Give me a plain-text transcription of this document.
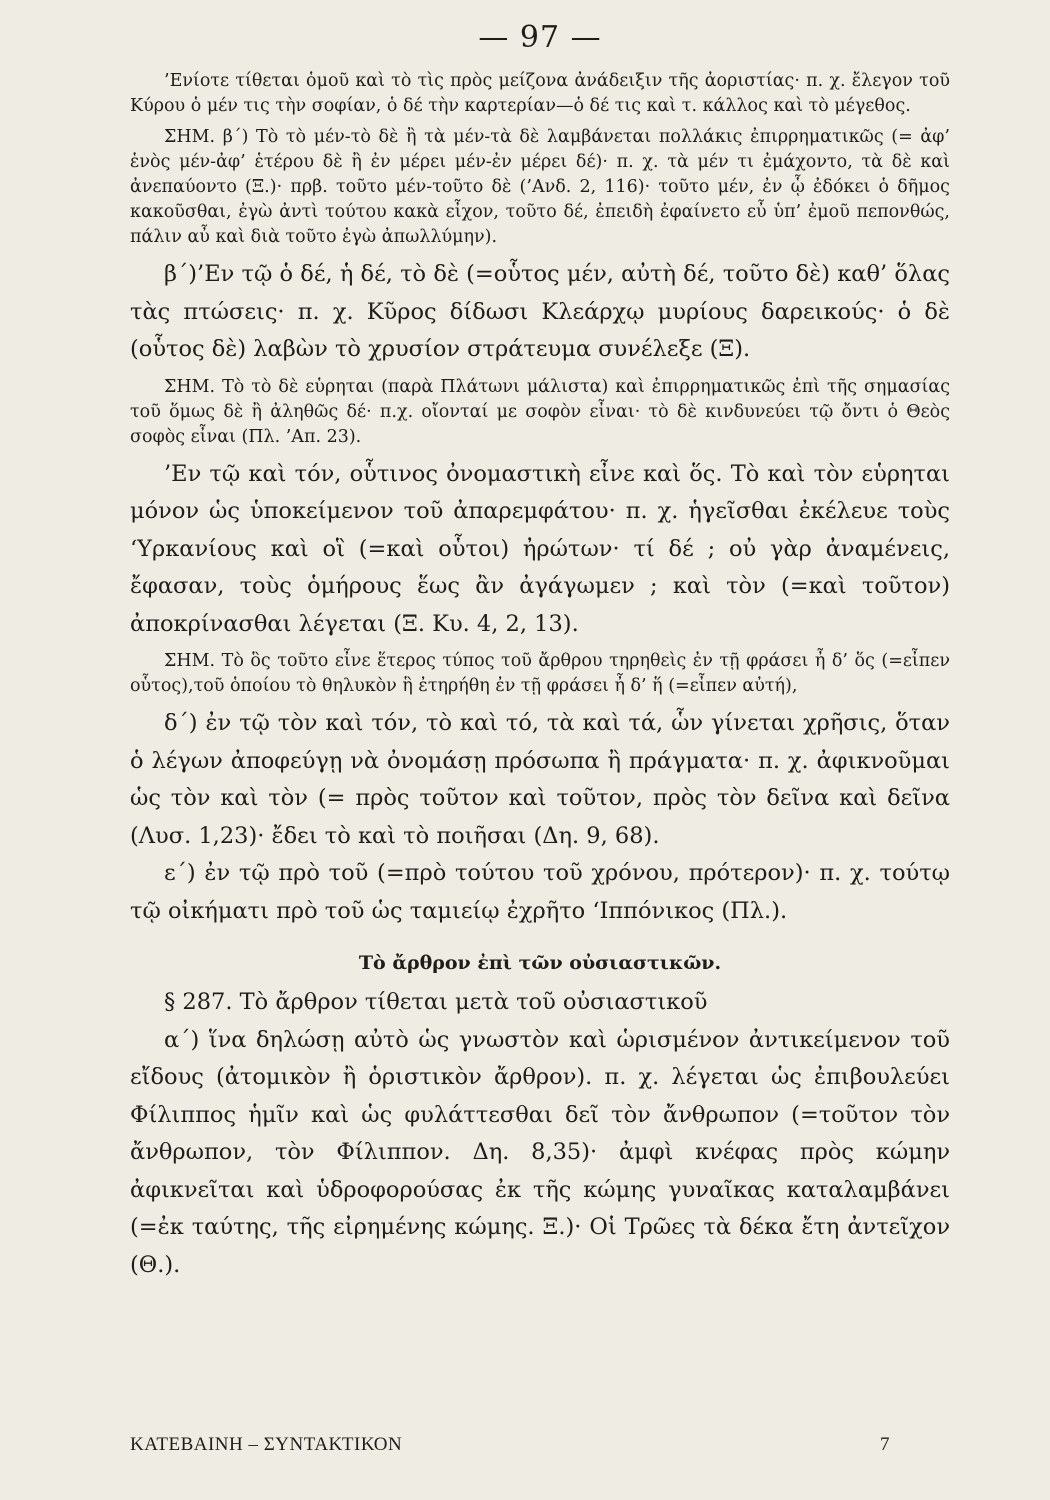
— 97 —

’Ενίοτε τίθεται ὁμοῦ καὶ τὸ τὶς πρὸς μείζονα ἀνάδειξιν τῆς ἀοριστίας· π. χ. ἔλεγον τοῦ Κύρου ὁ μέν τις τὴν σοφίαν, ὁ δέ τὴν καρτερίαν—ὁ δέ τις καὶ τ. κάλλος καὶ τὸ μέγεθος.

ΣΗΜ. β΄) Τὸ τὸ μέν-τὸ δὲ ἢ τὰ μέν-τὰ δὲ λαμβάνεται πολλάκις ἐπιρρηματικῶς (= ἀφ’ ἑνὸς μέν-ἀφ’ ἑτέρου δὲ ἢ ἐν μέρει μέν-ἐν μέρει δέ)· π. χ. τὰ μέν τι ἐμάχοντο, τὰ δὲ καὶ ἀνεπαύοντο (Ξ.)· πρβ. τοῦτο μέν-τοῦτο δὲ (’Ανδ. 2, 116)· τοῦτο μέν, ἐν ᾧ ἐδόκει ὁ δῆμος κακοῦσθαι, ἐγὼ ἀντὶ τούτου κακὰ εἶχον, τοῦτο δέ, ἐπειδὴ ἐφαίνετο εὖ ὑπ’ ἐμοῦ πεπονθώς, πάλιν αὖ καὶ διὰ τοῦτο ἐγὼ ἀπωλλύμην).

β΄)’Εν τῷ ὁ δέ, ἡ δέ, τὸ δὲ (=οὗτος μέν, αὐτὴ δέ, τοῦτο δὲ) καθ’ ὅλας τὰς πτώσεις· π. χ. Κῦρος δίδωσι Κλεάρχῳ μυρίους δαρεικούς· ὁ δὲ (οὗτος δὲ) λαβὼν τὸ χρυσίον στράτευμα συνέλεξε (Ξ).

ΣΗΜ. Τὸ τὸ δὲ εὑρηται (παρὰ Πλάτωνι μάλιστα) καὶ ἐπιρρηματικῶς ἐπὶ τῆς σημασίας τοῦ ὅμως δὲ ἢ ἀληθῶς δέ· π.χ. οἴονταί με σοφὸν εἶναι· τὸ δὲ κινδυνεύει τῷ ὄντι ὁ Θεὸς σοφὸς εἶναι (Πλ. ’Απ. 23).

’Εν τῷ καὶ τόν, οὗτινος ὀνομαστικὴ εἶνε καὶ ὅς. Τὸ καὶ τὸν εὑρηται μόνον ὡς ὑποκείμενον τοῦ ἀπαρεμφάτου· π. χ. ἡγεῖσθαι ἐκέλευε τοὺς ‘Υρκανίους καὶ οἳ (=καὶ οὗτοι) ἠρώτων· τί δέ ; οὐ γὰρ ἀναμένεις, ἔφασαν, τοὺς ὁμήρους ἕως ἂν ἀγάγωμεν ; καὶ τὸν (=καὶ τοῦτον) ἀποκρίνασθαι λέγεται (Ξ. Κυ. 4, 2, 13).

ΣΗΜ. Τὸ ὃς τοῦτο εἶνε ἕτερος τύπος τοῦ ἄρθρου τηρηθεὶς ἐν τῇ φράσει ἦ δ’ ὅς (=εἶπεν οὗτος),τοῦ ὁποίου τὸ θηλυκὸν ἣ ἐτηρήθη ἐν τῇ φράσει ἦ δ’ ἥ (=εἶπεν αὐτή),

δ΄) ἐν τῷ τὸν καὶ τόν, τὸ καὶ τό, τὰ καὶ τά, ὧν γίνεται χρῆσις, ὅταν ὁ λέγων ἀποφεύγῃ νὰ ὀνομάσῃ πρόσωπα ἢ πράγματα· π. χ. ἀφικνοῦμαι ὡς τὸν καὶ τὸν (= πρὸς τοῦτον καὶ τοῦτον, πρὸς τὸν δεῖνα καὶ δεῖνα (Λυσ. 1,23)· ἔδει τὸ καὶ τὸ ποιῆσαι (Δη. 9, 68).

ε΄) ἐν τῷ πρὸ τοῦ (=πρὸ τούτου τοῦ χρόνου, πρότερον)· π. χ. τούτῳ τῷ οἰκήματι πρὸ τοῦ ὡς ταμιείῳ ἐχρῆτο ‘Ιππόνικος (Πλ.).

Τὸ ἄρθρον ἐπὶ τῶν οὐσιαστικῶν.

§ 287. Τὸ ἄρθρον τίθεται μετὰ τοῦ οὐσιαστικοῦ

α΄) ἵνα δηλώσῃ αὐτὸ ὡς γνωστὸν καὶ ὡρισμένον ἀντικείμενον τοῦ εἴδους (ἀτομικὸν ἢ ὁριστικὸν ἄρθρον). π. χ. λέγεται ὡς ἐπιβουλεύει Φίλιππος ἡμῖν καὶ ὡς φυλάττεσθαι δεῖ τὸν ἄνθρωπον (=τοῦτον τὸν ἄνθρωπον, τὸν Φίλιππον. Δη. 8,35)· ἀμφὶ κνέφας πρὸς κώμην ἀφικνεῖται καὶ ὑδροφορούσας ἐκ τῆς κώμης γυναῖκας καταλαμβάνει (=ἐκ ταύτης, τῆς εἰρημένης κώμης. Ξ.)· Οἱ Τρῶες τὰ δέκα ἔτη ἀντεῖχον (Θ.).

ΚΑΤΕΒΑΙΝΗ – ΣΥΝΤΑΚΤΙΚΟΝ	7
